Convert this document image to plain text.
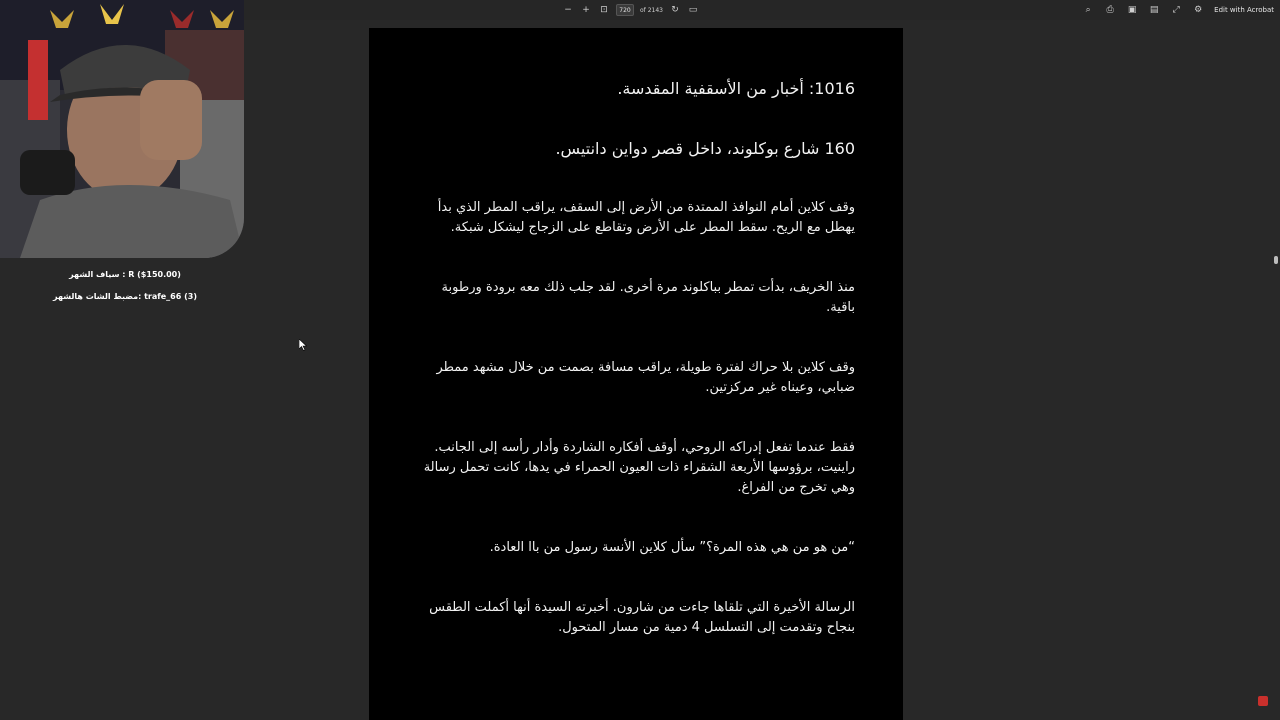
− + ⊡
720	of 2143 ↻ ▭	⌕	⎙ ▣ ▤ ⤢ ⚙ Edit with Acrobat
سياف الشهر : R ($150.00)
مضبط الشات هالشهر: trafe_66 (3)

1016: أخبار من الأسقفية المقدسة.

160 شارع بوكلوند، داخل قصر دواين دانتيس.

وقف كلاين أمام النوافذ الممتدة من الأرض إلى السقف، يراقب المطر الذي بدأ يهطل مع الريح. سقط المطر على الأرض وتقاطع على الزجاج ليشكل شبكة.

منذ الخريف، بدأت تمطر بباكلوند مرة أخرى. لقد جلب ذلك معه برودة ورطوبة باقية.

وقف كلاين بلا حراك لفترة طويلة، يراقب مسافة بصمت من خلال مشهد ممطر ضبابي، وعيناه غير مركزتين.

فقط عندما تفعل إدراكه الروحي، أوقف أفكاره الشاردة وأدار رأسه إلى الجانب. راينيت، برؤوسها الأربعة الشقراء ذات العيون الحمراء في يدها، كانت تحمل رسالة وهي تخرج من الفراغ.

“من هو من هي هذه المرة؟” سأل كلاين الأنسة رسول من باا العادة.

الرسالة الأخيرة التي تلقاها جاءت من شارون. أخبرته السيدة أنها أكملت الطقس بنجاح وتقدمت إلى التسلسل 4 دمية من مسار المتحول.
